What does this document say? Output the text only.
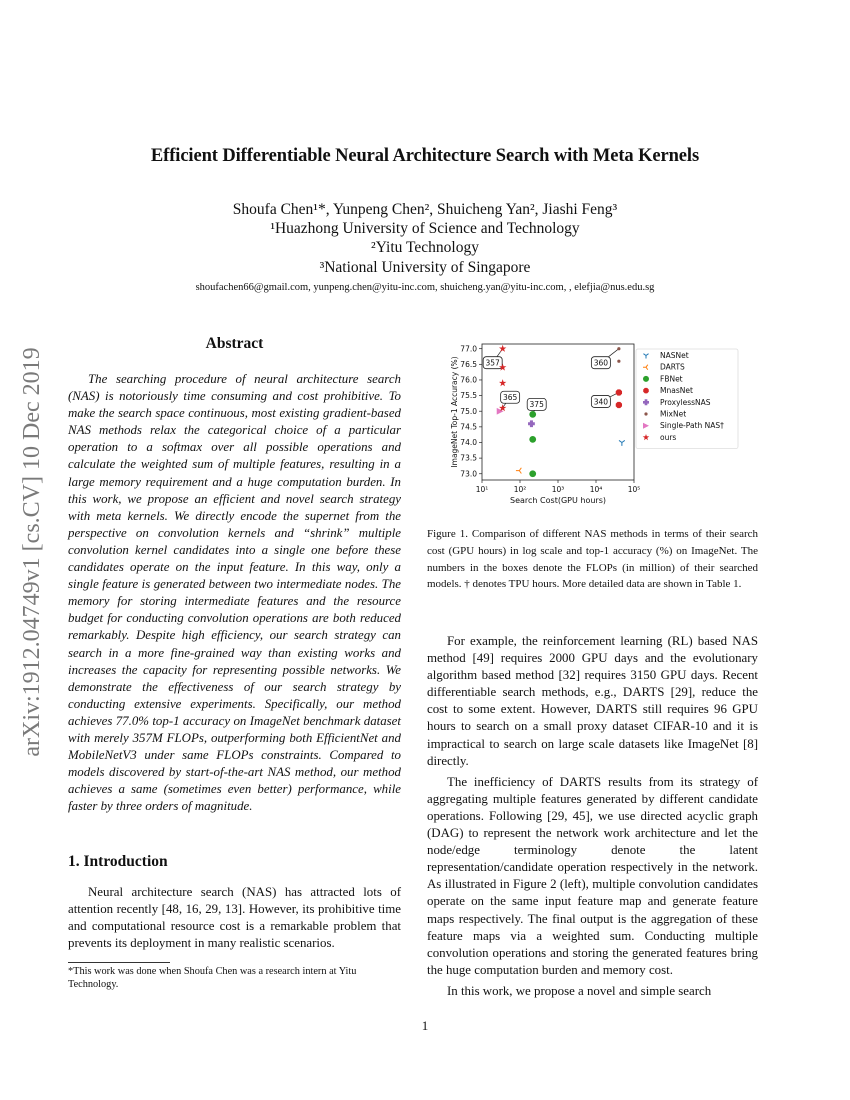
Efficient Differentiable Neural Architecture Search with Meta Kernels
Shoufa Chen¹*, Yunpeng Chen², Shuicheng Yan², Jiashi Feng³
¹Huazhong University of Science and Technology
²Yitu Technology
³National University of Singapore
shoufachen66@gmail.com, yunpeng.chen@yitu-inc.com, shuicheng.yan@yitu-inc.com, , elefjia@nus.edu.sg
arXiv:1912.04749v1 [cs.CV] 10 Dec 2019
Abstract
The searching procedure of neural architecture search (NAS) is notoriously time consuming and cost prohibitive. To make the search space continuous, most existing gradient-based NAS methods relax the categorical choice of a particular operation to a softmax over all possible operations and calculate the weighted sum of multiple features, resulting in a large memory requirement and a huge computation burden. In this work, we propose an efficient and novel search strategy with meta kernels. We directly encode the supernet from the perspective on convolution kernels and “shrink” multiple convolution kernel candidates into a single one before these candidates operate on the input feature. In this way, only a single feature is generated between two intermediate nodes. The memory for storing intermediate features and the resource budget for conducting convolution operations are both reduced remarkably. Despite high efficiency, our search strategy can search in a more fine-grained way than existing works and increases the capacity for representing possible networks. We demonstrate the effectiveness of our search strategy by conducting extensive experiments. Specifically, our method achieves 77.0% top-1 accuracy on ImageNet benchmark dataset with merely 357M FLOPs, outperforming both EfficientNet and MobileNetV3 under same FLOPs constraints. Compared to models discovered by start-of-the-art NAS method, our method achieves a same (sometimes even better) performance, while faster by three orders of magnitude.
1. Introduction
Neural architecture search (NAS) has attracted lots of attention recently [48, 16, 29, 13]. However, its prohibitive time and computational resource cost is a remarkable problem that prevents its deployment in many realistic scenarios.
*This work was done when Shoufa Chen was a research intern at Yitu Technology.
10¹	10²	10³	10⁴	10⁵
73.0
73.5
74.0
74.5
75.0
75.5
76.0
76.5
77.0
Search Cost(GPU hours)
ImageNet Top-1 Accuracy (%)	357	360
340
375
365
NASNet
DARTS
FBNet
MnasNet
ProxylessNAS
MixNet
Single-Path NAS†
ours
Figure 1. Comparison of different NAS methods in terms of their search cost (GPU hours) in log scale and top-1 accuracy (%) on ImageNet. The numbers in the boxes denote the FLOPs (in million) of their searched models. † denotes TPU hours. More detailed data are shown in Table 1.

For example, the reinforcement learning (RL) based NAS method [49] requires 2000 GPU days and the evolutionary algorithm based method [32] requires 3150 GPU days. Recent differentiable search methods, e.g., DARTS [29], reduce the cost to some extent. However, DARTS still requires 96 GPU hours to search on a small proxy dataset CIFAR-10 and it is impractical to search on large scale datasets like ImageNet [8] directly.

The inefficiency of DARTS results from its strategy of aggregating multiple features generated by different candidate operations. Following [29, 45], we use directed acyclic graph (DAG) to represent the network work architecture and let the node/edge terminology denote the latent representation/candidate operation respectively in the network. As illustrated in Figure 2 (left), multiple convolution candidates operate on the same input feature map and generate feature maps respectively. The final output is the aggregation of these feature maps via a weighted sum. Conducting multiple convolution operations and storing the generated features bring the huge computation burden and memory cost.

In this work, we propose a novel and simple search

1
